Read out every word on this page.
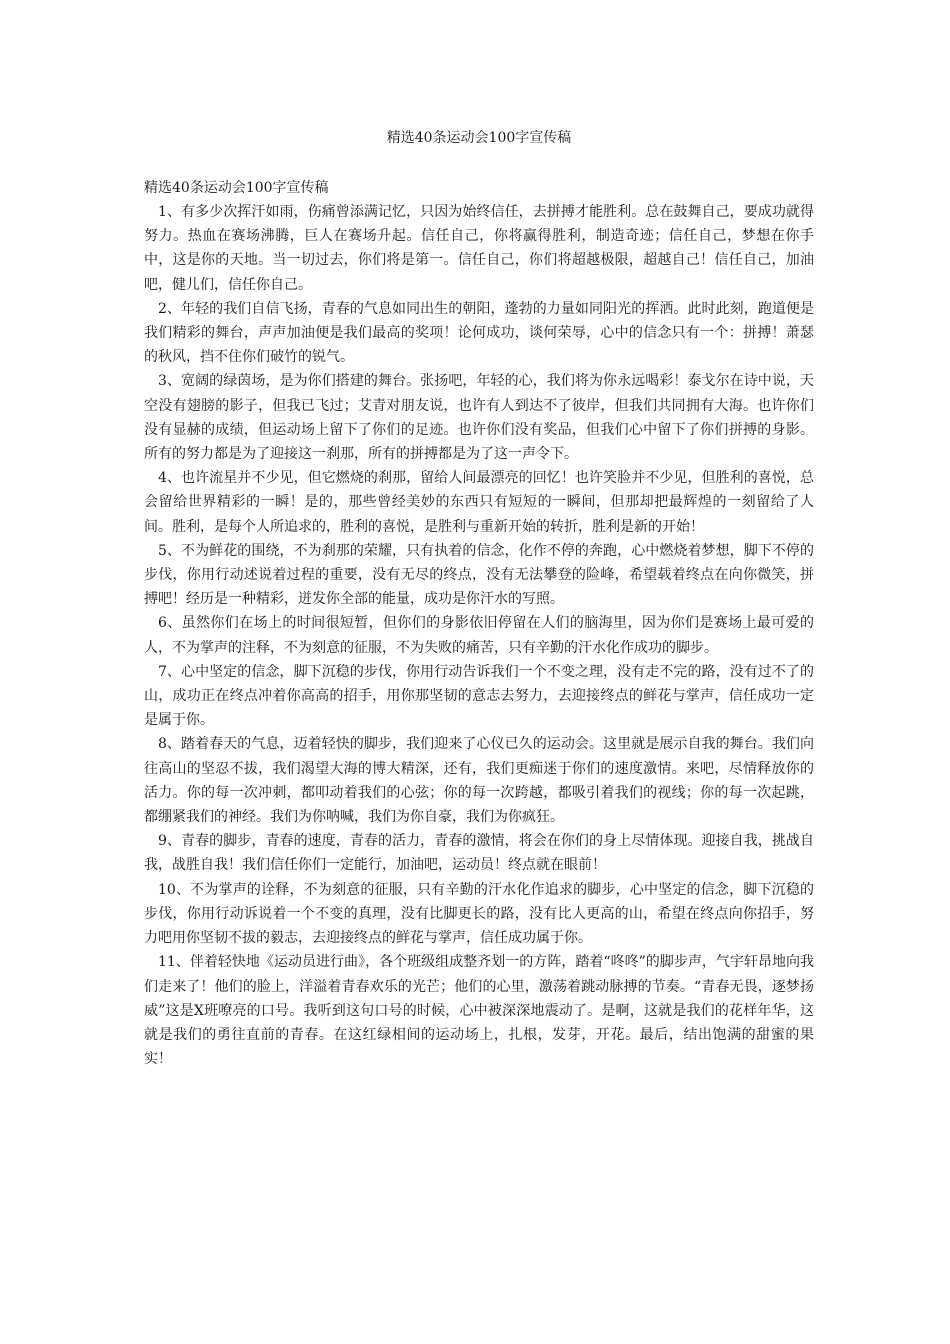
精选40条运动会100字宣传稿
精选40条运动会100字宣传稿

1、有多少次挥汗如雨，伤痛曾添满记忆，只因为始终信任，去拼搏才能胜利。总在鼓舞自己，要成功就得努力。热血在赛场沸腾，巨人在赛场升起。信任自己，你将赢得胜利，制造奇迹；信任自己，梦想在你手中，这是你的天地。当一切过去，你们将是第一。信任自己，你们将超越极限，超越自己！信任自己，加油吧，健儿们，信任你自己。

2、年轻的我们自信飞扬，青春的气息如同出生的朝阳，蓬勃的力量如同阳光的挥洒。此时此刻，跑道便是我们精彩的舞台，声声加油便是我们最高的奖项！论何成功，谈何荣辱，心中的信念只有一个：拼搏！萧瑟的秋风，挡不住你们破竹的锐气。

3、宽阔的绿茵场，是为你们搭建的舞台。张扬吧，年轻的心，我们将为你永远喝彩！泰戈尔在诗中说，天空没有翅膀的影子，但我已飞过；艾青对朋友说，也许有人到达不了彼岸，但我们共同拥有大海。也许你们没有显赫的成绩，但运动场上留下了你们的足迹。也许你们没有奖品，但我们心中留下了你们拼搏的身影。所有的努力都是为了迎接这一刹那，所有的拼搏都是为了这一声令下。

4、也许流星并不少见，但它燃烧的刹那，留给人间最漂亮的回忆！也许笑脸并不少见，但胜利的喜悦，总会留给世界精彩的一瞬！是的，那些曾经美妙的东西只有短短的一瞬间，但那却把最辉煌的一刻留给了人间。胜利，是每个人所追求的，胜利的喜悦，是胜利与重新开始的转折，胜利是新的开始！

5、不为鲜花的围绕，不为刹那的荣耀，只有执着的信念，化作不停的奔跑，心中燃烧着梦想，脚下不停的步伐，你用行动述说着过程的重要，没有无尽的终点，没有无法攀登的险峰，希望载着终点在向你微笑，拼搏吧！经历是一种精彩，迸发你全部的能量，成功是你汗水的写照。

6、虽然你们在场上的时间很短暂，但你们的身影依旧停留在人们的脑海里，因为你们是赛场上最可爱的人，不为掌声的注释，不为刻意的征服，不为失败的痛苦，只有辛勤的汗水化作成功的脚步。

7、心中坚定的信念，脚下沉稳的步伐，你用行动告诉我们一个不变之理，没有走不完的路，没有过不了的山，成功正在终点冲着你高高的招手，用你那坚韧的意志去努力，去迎接终点的鲜花与掌声，信任成功一定是属于你。

8、踏着春天的气息，迈着轻快的脚步，我们迎来了心仪已久的运动会。这里就是展示自我的舞台。我们向往高山的坚忍不拔，我们渴望大海的博大精深，还有，我们更痴迷于你们的速度激情。来吧，尽情释放你的活力。你的每一次冲刺，都叩动着我们的心弦；你的每一次跨越，都吸引着我们的视线；你的每一次起跳，都绷紧我们的神经。我们为你呐喊，我们为你自豪，我们为你疯狂。

9、青春的脚步，青春的速度，青春的活力，青春的激情，将会在你们的身上尽情体现。迎接自我，挑战自我，战胜自我！我们信任你们一定能行，加油吧，运动员！终点就在眼前！

10、不为掌声的诠释，不为刻意的征服，只有辛勤的汗水化作追求的脚步，心中坚定的信念，脚下沉稳的步伐，你用行动诉说着一个不变的真理，没有比脚更长的路，没有比人更高的山，希望在终点向你招手，努力吧用你坚韧不拔的毅志，去迎接终点的鲜花与掌声，信任成功属于你。

11、伴着轻快地《运动员进行曲》，各个班级组成整齐划一的方阵，踏着“咚咚”的脚步声，气宇轩昂地向我们走来了！他们的脸上，洋溢着青春欢乐的光芒；他们的心里，激荡着跳动脉搏的节奏。“青春无畏，逐梦扬威”这是X班嘹亮的口号。我听到这句口号的时候，心中被深深地震动了。是啊，这就是我们的花样年华，这就是我们的勇往直前的青春。在这红绿相间的运动场上，扎根，发芽，开花。最后，结出饱满的甜蜜的果实！
